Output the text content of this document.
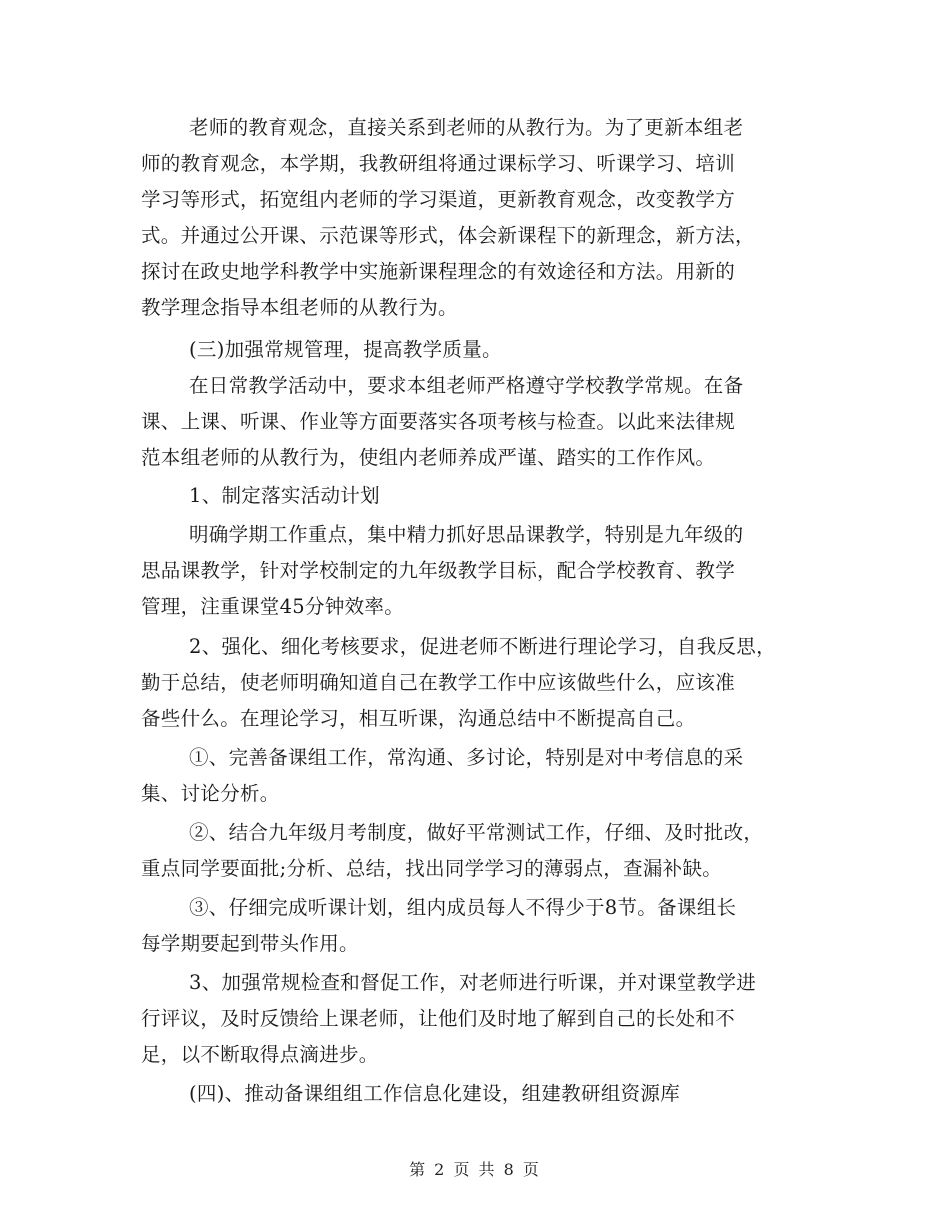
老师的教育观念，直接关系到老师的从教行为。为了更新本组老
师的教育观念，本学期，我教研组将通过课标学习、听课学习、培训
学习等形式，拓宽组内老师的学习渠道，更新教育观念，改变教学方
式。并通过公开课、示范课等形式，体会新课程下的新理念，新方法，
探讨在政史地学科教学中实施新课程理念的有效途径和方法。用新的
教学理念指导本组老师的从教行为。
(三)加强常规管理，提高教学质量。
在日常教学活动中，要求本组老师严格遵守学校教学常规。在备
课、上课、听课、作业等方面要落实各项考核与检查。以此来法律规
范本组老师的从教行为，使组内老师养成严谨、踏实的工作作风。
1、制定落实活动计划
明确学期工作重点，集中精力抓好思品课教学，特别是九年级的
思品课教学，针对学校制定的九年级教学目标，配合学校教育、教学
管理，注重课堂45分钟效率。
2、强化、细化考核要求，促进老师不断进行理论学习，自我反思，
勤于总结，使老师明确知道自己在教学工作中应该做些什么，应该准
备些什么。在理论学习，相互听课，沟通总结中不断提高自己。
①、完善备课组工作，常沟通、多讨论，特别是对中考信息的采
集、讨论分析。
②、结合九年级月考制度，做好平常测试工作，仔细、及时批改，
重点同学要面批;分析、总结，找出同学学习的薄弱点，查漏补缺。
③、仔细完成听课计划，组内成员每人不得少于8节。备课组长
每学期要起到带头作用。
3、加强常规检查和督促工作，对老师进行听课，并对课堂教学进
行评议，及时反馈给上课老师，让他们及时地了解到自己的长处和不
足，以不断取得点滴进步。
(四)、推动备课组组工作信息化建设，组建教研组资源库
第 2 页 共 8 页
